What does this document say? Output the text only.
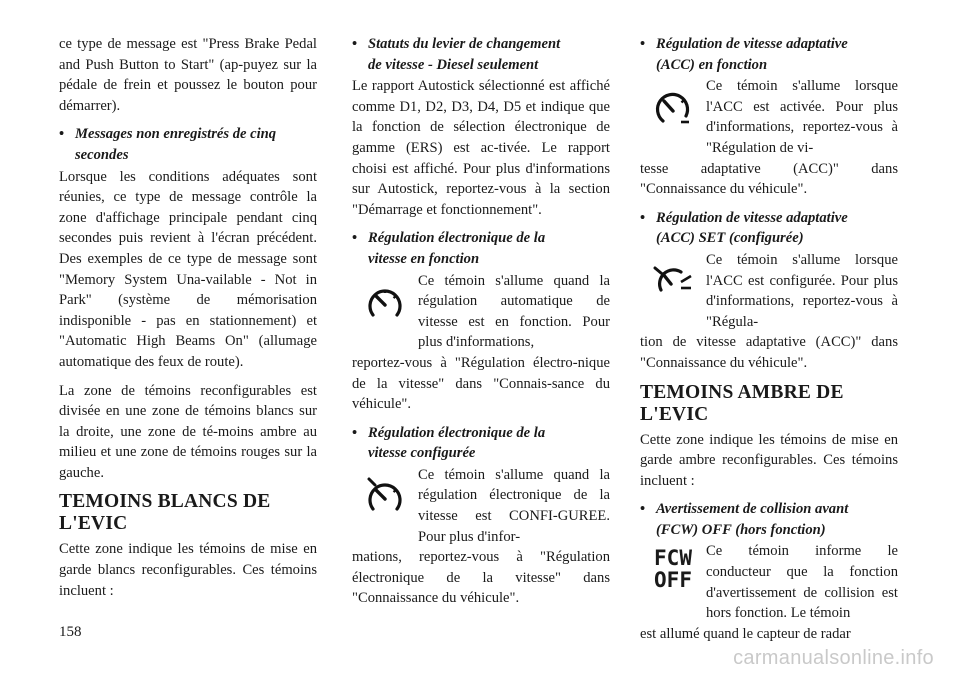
ce type de message est "Press Brake Pedal and Push Button to Start" (ap-puyez sur la pédale de frein et poussez le bouton pour démarrer).

• Messages non enregistrés de cinq
secondes

Lorsque les conditions adéquates sont réunies, ce type de message contrôle la zone d'affichage principale pendant cinq secondes puis revient à l'écran précédent. Des exemples de ce type de message sont "Memory System Una-vailable - Not in Park" (système de mémorisation indisponible - pas en stationnement) et "Automatic High Beams On" (allumage automatique des feux de route).

La zone de témoins reconfigurables est divisée en une zone de témoins blancs sur la droite, une zone de té-moins ambre au milieu et une zone de témoins rouges sur la gauche.

TEMOINS BLANCS DE
L'EVIC

Cette zone indique les témoins de mise en garde blancs reconfigurables. Ces témoins incluent :

• Statuts du levier de changement
de vitesse - Diesel seulement

Le rapport Autostick sélectionné est affiché comme D1, D2, D3, D4, D5 et indique que la fonction de sélection électronique de gamme (ERS) est ac-tivée. Le rapport choisi est affiché. Pour plus d'informations sur Autostick, reportez-vous à la section "Démarrage et fonctionnement".

• Régulation électronique de la
vitesse en fonction
Ce témoin s'allume quand la régulation automatique de vitesse est en fonction. Pour plus d'informations,

reportez-vous à "Régulation électro-nique de la vitesse" dans "Connais-sance du véhicule".

• Régulation électronique de la
vitesse configurée
Ce témoin s'allume quand la régulation électronique de la vitesse est CONFI-GUREE. Pour plus d'infor-

mations, reportez-vous à "Régulation électronique de la vitesse" dans "Connaissance du véhicule".

• Régulation de vitesse adaptative
(ACC) en fonction
Ce témoin s'allume lorsque l'ACC est activée. Pour plus d'informations, reportez-vous à "Régulation de vi-

tesse adaptative (ACC)" dans "Connaissance du véhicule".

• Régulation de vitesse adaptative
(ACC) SET (configurée)
Ce témoin s'allume lorsque l'ACC est configurée. Pour plus d'informations, reportez-vous à "Régula-

tion de vitesse adaptative (ACC)" dans "Connaissance du véhicule".

TEMOINS AMBRE DE
L'EVIC

Cette zone indique les témoins de mise en garde ambre reconfigurables. Ces témoins incluent :

• Avertissement de collision avant
(FCW) OFF (hors fonction)
FCW
OFF
Ce témoin informe le conducteur que la fonction d'avertissement de collision est hors fonction. Le témoin

est allumé quand le capteur de radar

158
carmanualsonline.info
